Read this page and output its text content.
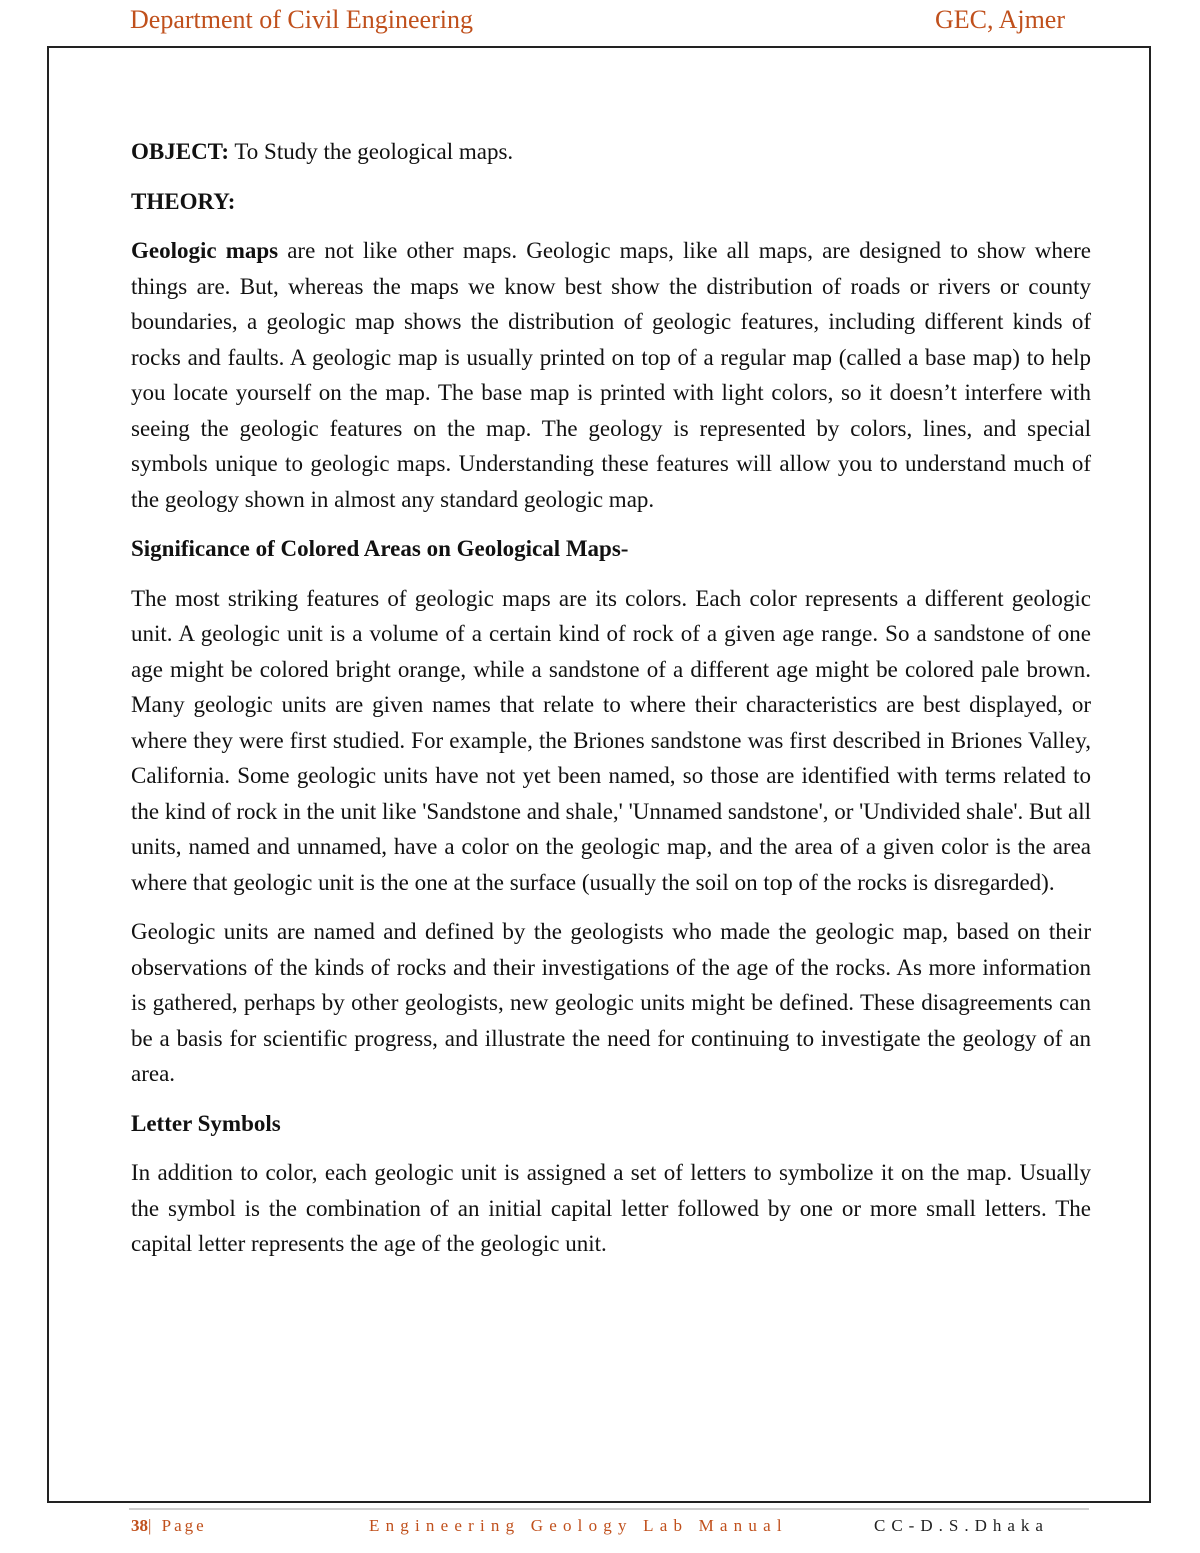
Department of Civil Engineering	GEC, Ajmer

OBJECT: To Study the geological maps.

THEORY:

Geologic maps are not like other maps. Geologic maps, like all maps, are designed to show where things are. But, whereas the maps we know best show the distribution of roads or rivers or county boundaries, a geologic map shows the distribution of geologic features, including different kinds of rocks and faults. A geologic map is usually printed on top of a regular map (called a base map) to help you locate yourself on the map. The base map is printed with light colors, so it doesn’t interfere with seeing the geologic features on the map. The geology is represented by colors, lines, and special symbols unique to geologic maps. Understanding these features will allow you to understand much of the geology shown in almost any standard geologic map.

Significance of Colored Areas on Geological Maps-

The most striking features of geologic maps are its colors. Each color represents a different geologic unit. A geologic unit is a volume of a certain kind of rock of a given age range. So a sandstone of one age might be colored bright orange, while a sandstone of a different age might be colored pale brown. Many geologic units are given names that relate to where their characteristics are best displayed, or where they were first studied. For example, the Briones sandstone was first described in Briones Valley, California. Some geologic units have not yet been named, so those are identified with terms related to the kind of rock in the unit like 'Sandstone and shale,' 'Unnamed sandstone', or 'Undivided shale'. But all units, named and unnamed, have a color on the geologic map, and the area of a given color is the area where that geologic unit is the one at the surface (usually the soil on top of the rocks is disregarded).

Geologic units are named and defined by the geologists who made the geologic map, based on their observations of the kinds of rocks and their investigations of the age of the rocks. As more information is gathered, perhaps by other geologists, new geologic units might be defined. These disagreements can be a basis for scientific progress, and illustrate the need for continuing to investigate the geology of an area.

Letter Symbols

In addition to color, each geologic unit is assigned a set of letters to symbolize it on the map. Usually the symbol is the combination of an initial capital letter followed by one or more small letters. The capital letter represents the age of the geologic unit.

38| Page	Engineering Geology Lab Manual	CC-D.S.Dhaka
